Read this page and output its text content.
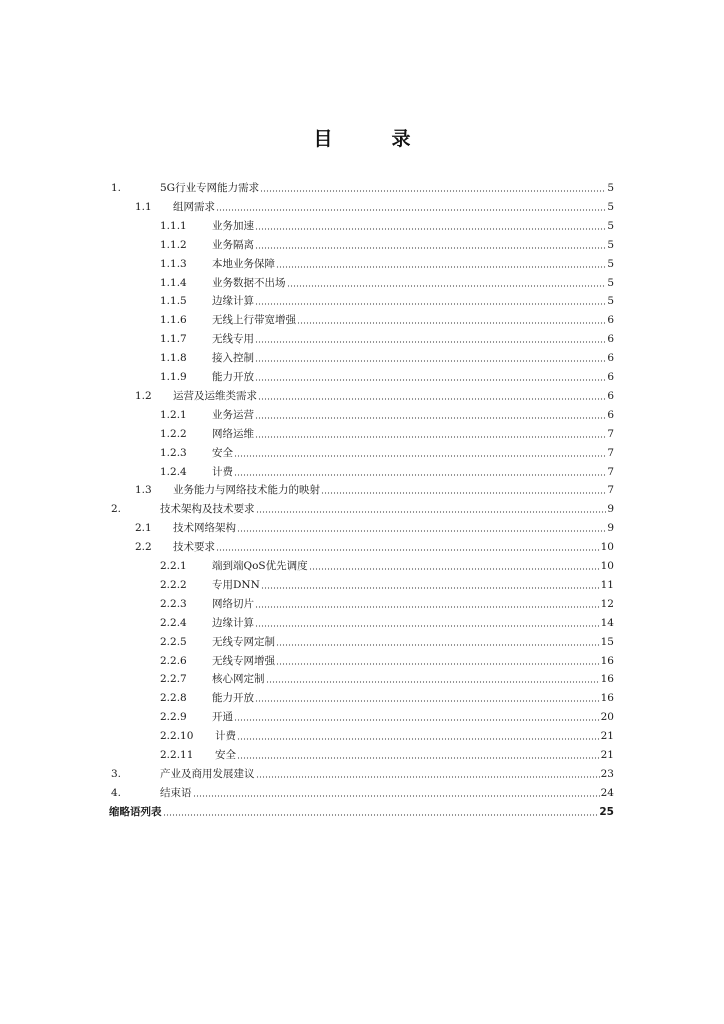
目　录
1.	5G行业专网能力需求	5
1.1	组网需求	5
1.1.1	业务加速	5
1.1.2	业务隔离	5
1.1.3	本地业务保障	5
1.1.4	业务数据不出场	5
1.1.5	边缘计算	5
1.1.6	无线上行带宽增强	6
1.1.7	无线专用	6
1.1.8	接入控制	6
1.1.9	能力开放	6
1.2	运营及运维类需求	6
1.2.1	业务运营	6
1.2.2	网络运维	7
1.2.3	安全	7
1.2.4	计费	7
1.3	业务能力与网络技术能力的映射	7
2.	技术架构及技术要求	9
2.1	技术网络架构	9
2.2	技术要求	10
2.2.1	端到端QoS优先调度	10
2.2.2	专用DNN	11
2.2.3	网络切片	12
2.2.4	边缘计算	14
2.2.5	无线专网定制	15
2.2.6	无线专网增强	16
2.2.7	核心网定制	16
2.2.8	能力开放	16
2.2.9	开通	20
2.2.10	计费	21
2.2.11	安全	21
3.	产业及商用发展建议	23
4.	结束语	24
缩略语列表	25
